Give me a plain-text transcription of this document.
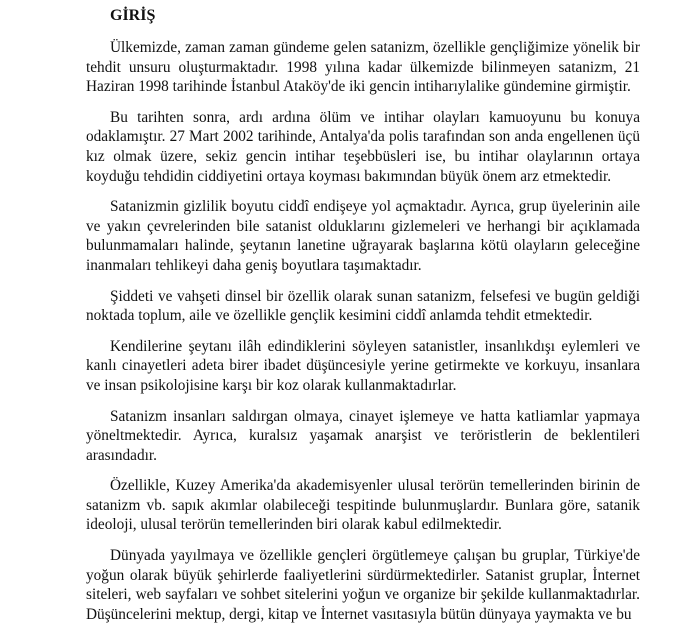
GİRİŞ

Ülkemizde, zaman zaman gündeme gelen satanizm, özellikle gençliğimize yönelik bir tehdit unsuru oluşturmaktadır. 1998 yılına kadar ülkemizde bilinmeyen satanizm, 21 Haziran 1998 tarihinde İstanbul Ataköy'de iki gencin intiharıylalike gündemine girmiştir.

Bu tarihten sonra, ardı ardına ölüm ve intihar olayları kamuoyunu bu konuya odaklamıştır. 27 Mart 2002 tarihinde, Antalya'da polis tarafından son anda engellenen üçü kız olmak üzere, sekiz gencin intihar teşebbüsleri ise, bu intihar olaylarının ortaya koyduğu tehdidin ciddiyetini ortaya koyması bakımından büyük önem arz etmektedir.

Satanizmin gizlilik boyutu ciddî endişeye yol açmaktadır. Ayrıca, grup üyelerinin aile ve yakın çevrelerinden bile satanist olduklarını gizlemeleri ve herhangi bir açıklamada bulunmamaları halinde, şeytanın lanetine uğrayarak başlarına kötü olayların geleceğine inanmaları tehlikeyi daha geniş boyutlara taşımaktadır.

Şiddeti ve vahşeti dinsel bir özellik olarak sunan satanizm, felsefesi ve bugün geldiği noktada toplum, aile ve özellikle gençlik kesimini ciddî anlamda tehdit etmektedir.

Kendilerine şeytanı ilâh edindiklerini söyleyen satanistler, insanlıkdışı eylemleri ve kanlı cinayetleri adeta birer ibadet düşüncesiyle yerine getirmekte ve korkuyu, insanlara ve insan psikolojisine karşı bir koz olarak kullanmaktadırlar.

Satanizm insanları saldırgan olmaya, cinayet işlemeye ve hatta katliamlar yapmaya yöneltmektedir. Ayrıca, kuralsız yaşamak anarşist ve teröristlerin de beklentileri arasındadır.

Özellikle, Kuzey Amerika'da akademisyenler ulusal terörün temellerinden birinin de satanizm vb. sapık akımlar olabileceği tespitinde bulunmuşlardır. Bunlara göre, satanik ideoloji, ulusal terörün temellerinden biri olarak kabul edilmektedir.

Dünyada yayılmaya ve özellikle gençleri örgütlemeye çalışan bu gruplar, Türkiye'de yoğun olarak büyük şehirlerde faaliyetlerini sürdürmektedirler. Satanist gruplar, İnternet siteleri, web sayfaları ve sohbet sitelerini yoğun ve organize bir şekilde kullanmaktadırlar. Düşüncelerini mektup, dergi, kitap ve İnternet vasıtasıyla bütün dünyaya yaymakta ve bu
